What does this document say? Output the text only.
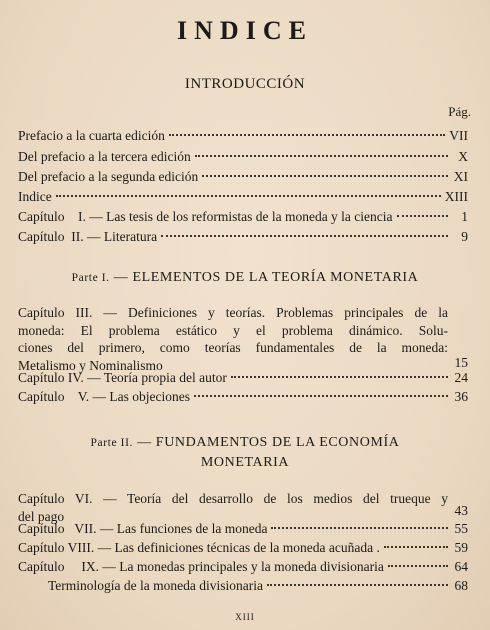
INDICE
INTRODUCCIÓN
Pág.
Prefacio a la cuarta edición	VII
Del prefacio a la tercera edición	X
Del prefacio a la segunda edición	XI
Indice	XIII
Capítulo    I. — Las tesis de los reformistas de la moneda y la ciencia	1
Capítulo  II. — Literatura	9
Parte I. — ELEMENTOS DE LA TEORÍA MONETARIA
Capítulo III. — Definiciones y teorías. Problemas principales de la
moneda: El problema estático y el problema dinámico. Solu-
ciones del primero, como teorías fundamentales de la moneda:
Metalismo y Nominalismo	15
Capítulo IV. — Teoría propia del autor	24
Capítulo    V. — Las objeciones	36
Parte II. — FUNDAMENTOS DE LA ECONOMÍA
MONETARIA
Capítulo VI. — Teoría del desarrollo de los medios del trueque y
del pago	43
Capítulo   VII. — Las funciones de la moneda	55
Capítulo VIII. — Las definiciones técnicas de la moneda acuñada .	59
Capítulo     IX. — La monedas principales y la moneda divisionaria	64
Terminología de la moneda divisionaria	68
XIII
